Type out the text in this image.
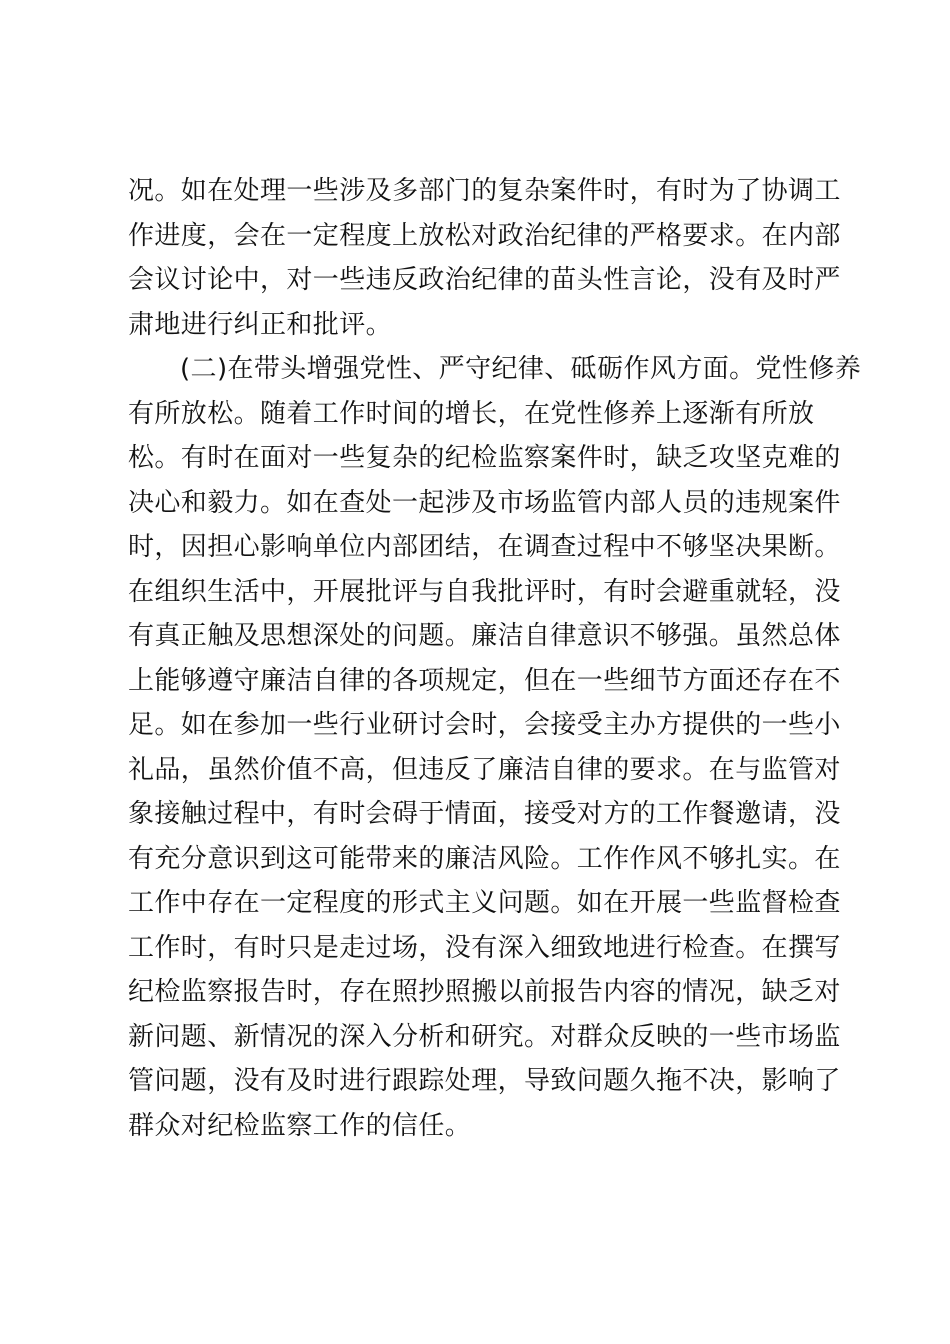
况。如在处理一些涉及多部门的复杂案件时，有时为了协调工
作进度，会在一定程度上放松对政治纪律的严格要求。在内部
会议讨论中，对一些违反政治纪律的苗头性言论，没有及时严
肃地进行纠正和批评。
(二)在带头增强党性、严守纪律、砥砺作风方面。党性修养
有所放松。随着工作时间的增长，在党性修养上逐渐有所放
松。有时在面对一些复杂的纪检监察案件时，缺乏攻坚克难的
决心和毅力。如在查处一起涉及市场监管内部人员的违规案件
时，因担心影响单位内部团结，在调查过程中不够坚决果断。
在组织生活中，开展批评与自我批评时，有时会避重就轻，没
有真正触及思想深处的问题。廉洁自律意识不够强。虽然总体
上能够遵守廉洁自律的各项规定，但在一些细节方面还存在不
足。如在参加一些行业研讨会时，会接受主办方提供的一些小
礼品，虽然价值不高，但违反了廉洁自律的要求。在与监管对
象接触过程中，有时会碍于情面，接受对方的工作餐邀请，没
有充分意识到这可能带来的廉洁风险。工作作风不够扎实。在
工作中存在一定程度的形式主义问题。如在开展一些监督检查
工作时，有时只是走过场，没有深入细致地进行检查。在撰写
纪检监察报告时，存在照抄照搬以前报告内容的情况，缺乏对
新问题、新情况的深入分析和研究。对群众反映的一些市场监
管问题，没有及时进行跟踪处理，导致问题久拖不决，影响了
群众对纪检监察工作的信任。
